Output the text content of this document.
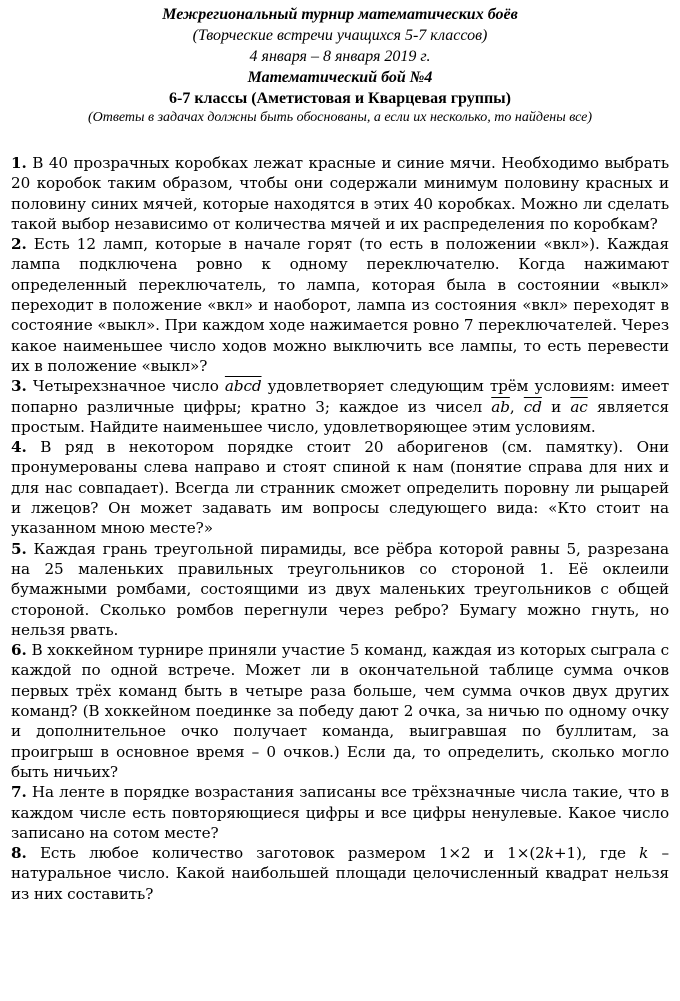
Межрегиональный турнир математических боёв
(Творческие встречи учащихся 5-7 классов)
4 января – 8 января 2019 г.
Математический бой №4
6-7 классы (Аметистовая и Кварцевая группы)
(Ответы в задачах должны быть обоснованы, а если их несколько, то найдены все)

1. В 40 прозрачных коробках лежат красные и синие мячи. Необходимо выбрать 20 коробок таким образом, чтобы они содержали минимум половину красных и половину синих мячей, которые находятся в этих 40 коробках. Можно ли сделать такой выбор независимо от количества мячей и их распределения по коробкам?

2. Есть 12 ламп, которые в начале горят (то есть в положении «вкл»). Каждая лампа подключена ровно к одному переключателю. Когда нажимают определенный переключатель, то лампа, которая была в состоянии «выкл» переходит в положение «вкл» и наоборот, лампа из состояния «вкл» переходят в состояние «выкл». При каждом ходе нажимается ровно 7 переключателей. Через какое наименьшее число ходов можно выключить все лампы, то есть перевести их в положение «выкл»?

3. Четырехзначное число abcd удовлетворяет следующим трём условиям: имеет попарно различные цифры; кратно 3; каждое из чисел $\overline{ab}$, $\overline{cd}$ и $\overline{ac}$ является простым. Найдите наименьшее число, удовлетворяющее этим условиям.

4. В ряд в некотором порядке стоит 20 аборигенов (см. памятку). Они пронумерованы слева направо и стоят спиной к нам (понятие справа для них и для нас совпадает). Всегда ли странник сможет определить поровну ли рыцарей и лжецов? Он может задавать им вопросы следующего вида: «Кто стоит на указанном мною месте?»

5. Каждая грань треугольной пирамиды, все рёбра которой равны 5, разрезана на 25 маленьких правильных треугольников со стороной 1. Её оклеили бумажными ромбами, состоящими из двух маленьких треугольников с общей стороной. Сколько ромбов перегнули через ребро? Бумагу можно гнуть, но нельзя рвать.

6. В хоккейном турнире приняли участие 5 команд, каждая из которых сыграла с каждой по одной встрече. Может ли в окончательной таблице сумма очков первых трёх команд быть в четыре раза больше, чем сумма очков двух других команд? (В хоккейном поединке за победу дают 2 очка, за ничью по одному очку и дополнительное очко получает команда, выигравшая по буллитам, за проигрыш в основное время – 0 очков.) Если да, то определить, сколько могло быть ничьих?

7. На ленте в порядке возрастания записаны все трёхзначные числа такие, что в каждом числе есть повторяющиеся цифры и все цифры ненулевые. Какое число записано на сотом месте?

8. Есть любое количество заготовок размером 1×2 и 1×(2k+1), где k – натуральное число. Какой наибольшей площади целочисленный квадрат нельзя из них составить?
